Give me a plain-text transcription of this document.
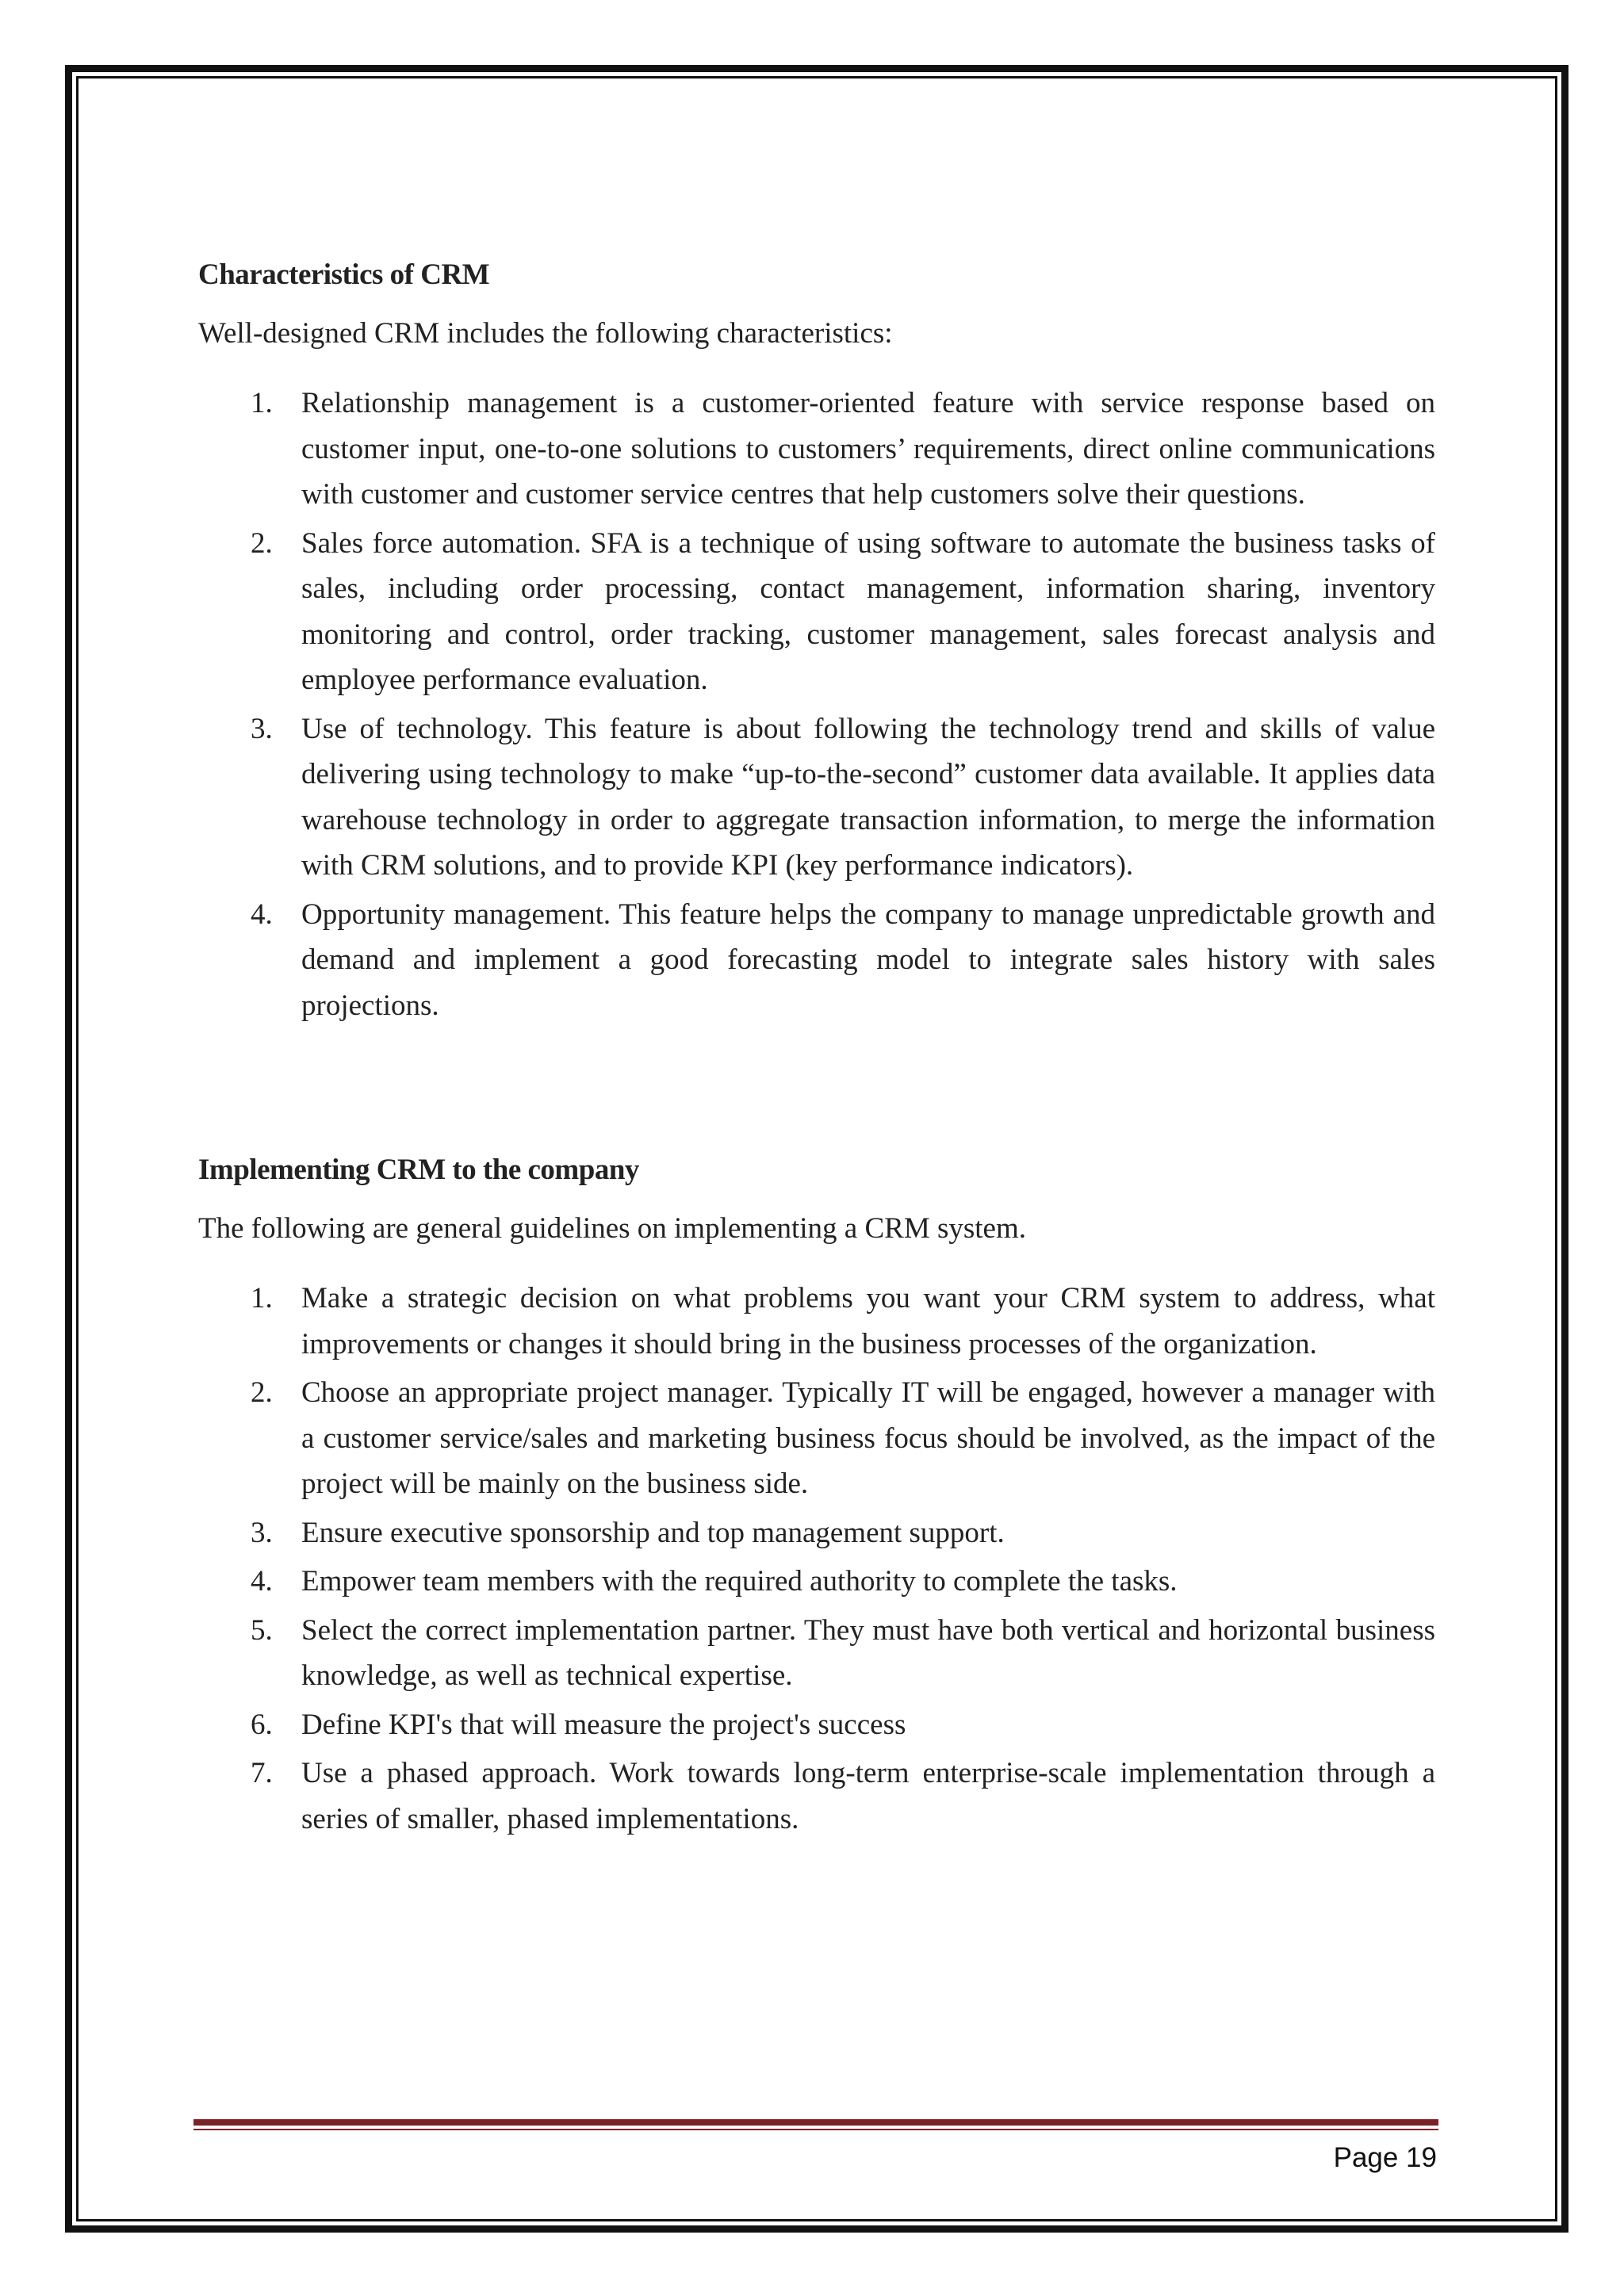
Characteristics of CRM

Well-designed CRM includes the following characteristics:

1. Relationship management is a customer-oriented feature with service response based on customer input, one-to-one solutions to customers’ requirements, direct online communications with customer and customer service centres that help customers solve their questions.
2. Sales force automation. SFA is a technique of using software to automate the business tasks of sales, including order processing, contact management, information sharing, inventory monitoring and control, order tracking, customer management, sales forecast analysis and employee performance evaluation.
3. Use of technology. This feature is about following the technology trend and skills of value delivering using technology to make “up-to-the-second” customer data available. It applies data warehouse technology in order to aggregate transaction information, to merge the information with CRM solutions, and to provide KPI (key performance indicators).
4. Opportunity management. This feature helps the company to manage unpredictable growth and demand and implement a good forecasting model to integrate sales history with sales projections.
Implementing CRM to the company

The following are general guidelines on implementing a CRM system.

1. Make a strategic decision on what problems you want your CRM system to address, what improvements or changes it should bring in the business processes of the organization.
2. Choose an appropriate project manager. Typically IT will be engaged, however a manager with a customer service/sales and marketing business focus should be involved, as the impact of the project will be mainly on the business side.
3. Ensure executive sponsorship and top management support.
4. Empower team members with the required authority to complete the tasks.
5. Select the correct implementation partner. They must have both vertical and horizontal business knowledge, as well as technical expertise.
6. Define KPI's that will measure the project's success
7. Use a phased approach. Work towards long-term enterprise-scale implementation through a series of smaller, phased implementations.
Page 19
